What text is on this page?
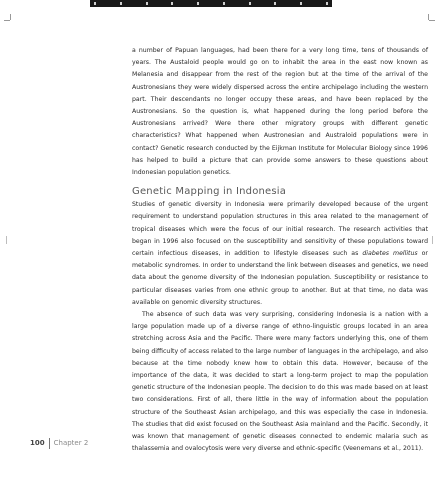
a number of Papuan languages, had been there for a very long time, tens of thousands of years. The Austaloid people would go on to inhabit the area in the east now known as Melanesia and disappear from the rest of the region but at the time of the arrival of the Austronesians they were widely dispersed across the entire archipelago including the western part. Their descendants no longer occupy these areas, and have been replaced by the Austronesians. So the question is, what happened during the long period before the Austronesians arrived? Were there other migratory groups with different genetic characteristics? What happened when Austronesian and Australoid populations were in contact? Genetic research conducted by the Eijkman Institute for Molecular Biology since 1996 has helped to build a picture that can provide some answers to these questions about Indonesian population genetics.

Genetic Mapping in Indonesia

Studies of genetic diversity in Indonesia were primarily developed because of the urgent requirement to understand population structures in this area related to the management of tropical diseases which were the focus of our initial research. The research activities that began in 1996 also focused on the susceptibility and sensitivity of these populations toward certain infectious diseases, in addition to lifestyle diseases such as diabetes mellitus or metabolic syndromes. In order to understand the link between diseases and genetics, we need data about the genome diversity of the Indonesian population. Susceptibility or resistance to particular diseases varies from one ethnic group to another. But at that time, no data was available on genomic diversity structures.

The absence of such data was very surprising, considering Indonesia is a nation with a large population made up of a diverse range of ethno-linguistic groups located in an area stretching across Asia and the Pacific. There were many factors underlying this, one of them being difficulty of access related to the large number of languages in the archipelago, and also because at the time nobody knew how to obtain this data. However, because of the importance of the data, it was decided to start a long-term project to map the population genetic structure of the Indonesian people. The decision to do this was made based on at least two considerations. First of all, there little in the way of information about the population structure of the Southeast Asian archipelago, and this was especially the case in Indonesia. The studies that did exist focused on the Southeast Asia mainland and the Pacific. Secondly, it was known that management of genetic diseases connected to endemic malaria such as thalassemia and ovalocytosis were very diverse and ethnic-specific (Veenemans et al., 2011).

100 Chapter 2
